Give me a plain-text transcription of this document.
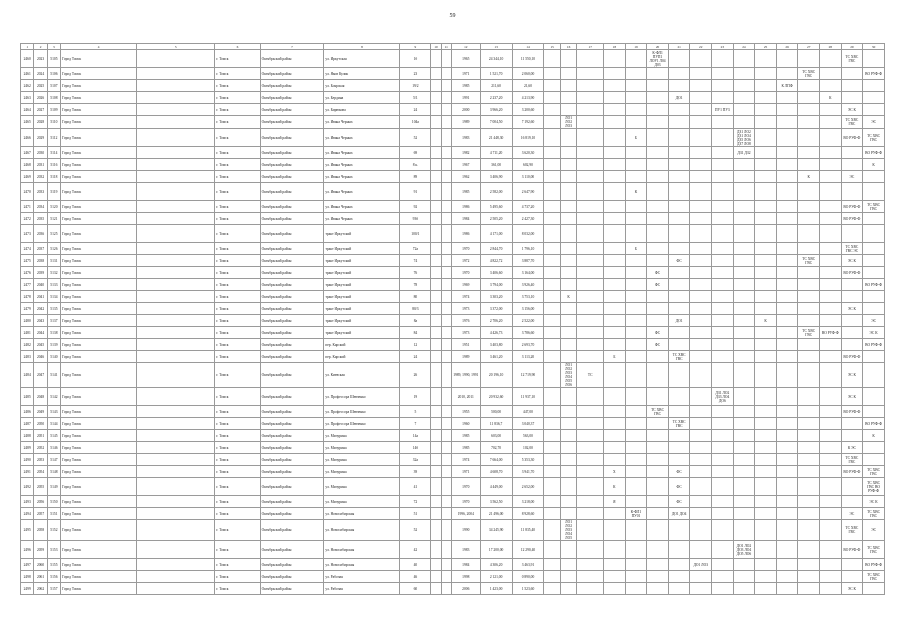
59
1	2	3	4	5	6	7	8	9	10	11	12	13	14	15	16	17	18	19	20	21	22	23	24	25	26	27	28	29	30
2460	2023	5105	Город Томск		г. Томск	Октябрьский район	ул. Иркутская	1б			1965	24 344,10	11 550,10						К-ФЛ1 ПУП1 ЛОУ1 Л04 Д03									ТС ХВС ГВС	
2461	2024	5106	Город Томск		г. Томск	Октябрьский район	ул. Яков Кулик	23			1971	1 521,70	2 060,00													ТС ХВС ГВС			ВО РУФ-Ф
2462	2025	5107	Город Томск		г. Томск	Октябрьский район	ул. Боярская	19/2			1985	211,60	21,60												К ЛПФ				
2463	2026	5108	Город Томск		г. Томск	Октябрьский район	ул. Бердина	5/1			1991	2 237,20	4 213,90							ДО1							К		
2464	2027	5109	Город Томск		г. Томск	Октябрьский район	ул. Бирюкова	24			2000	3 966,20	3 200,60									ПУ1 ПУ3						ЭС К	
2465	2028	5110	Город Томск		г. Томск	Октябрьский район	ул. Ивана Черных	104а			1989	7 004,50	7 192,60		ЛО1 ЛО2 ЛО3													ТС ХВС ГВС	ЭС
2466	2029	5112	Город Томск		г. Томск	Октябрьский район	ул. Ивана Черных	52			1983	21 448,30	16 819,10					Б					ДЗ1 ЛО2 ДЗ1 ЛО4 ДЗ5 ЛО6 ДЗ7 ЛО8					ВО РУФ-Ф	ТС ХВС ГВС
2467	2030	5114	Город Томск		г. Томск	Октябрьский район	ул. Ивана Черных	69			1982	4 711,20	3 620,30										ДЗ1 ДЗ2						ВО РУФ-Ф
2468	2031	5116	Город Томск		г. Томск	Октябрьский район	ул. Ивана Черных	8 к.			1967	361,00	602,90																К
2469	2032	5118	Город Томск		г. Томск	Октябрьский район	ул. Ивана Черных	89			1962	3 406,90	3 110,00													К		ЭС	
2470	2033	5119	Город Томск		г. Томск	Октябрьский район	ул. Ивана Черных	91			1985	2 582,00	2 647,90					К											
2471	2034	5120	Город Томск		г. Томск	Октябрьский район	ул. Ивана Черных	92			1986	5 495,60	4 737,20															ВО РУФ-Ф	ТС ХВС ГВС
2472	2035	5121	Город Томск		г. Томск	Октябрьский район	ул. Ивана Черных	93б			1984	2 505,20	2 427,30															ВО РУФ-Ф	
2473	2036	5125	Город Томск		г. Томск	Октябрьский район	тракт Иркутский	100/1			1986	4 171,00	8 032,00																
2474	2037	5126	Город Томск		г. Томск	Октябрьский район	тракт Иркутский	72а			1970	2 844,70	1 796,10					Б										ТС ХВС ГВС ЭС	
2475	2038	5131	Город Томск		г. Томск	Октябрьский район	тракт Иркутский	74			1972	4 822,72	3 887,70							ФС						ТС ХВС ГВС		ЭС К	
2476	2039	5132	Город Томск		г. Томск	Октябрьский район	тракт Иркутский	76			1970	3 406,60	3 164,00						ФС									ВО РУФ-Ф	
2477	2040	5133	Город Томск		г. Томск	Октябрьский район	тракт Иркутский	78			1969	3 794,00	3 926,40						ФС										ВО РУФ-Ф
2478	2041	5134	Город Томск		г. Томск	Октябрьский район	тракт Иркутский	80			1974	3 303,20	3 753,10		К														
2479	2042	5135	Город Томск		г. Томск	Октябрьский район	тракт Иркутский	80/3			1973	3 372,00	3 156,00															ЭС К	
2480	2043	5137	Город Томск		г. Томск	Октябрьский район	тракт Иркутский	8а			1976	2 706,20	2 522,00							ДО1				К					ЭС
2481	2044	5138	Город Томск		г. Томск	Октябрьский район	тракт Иркутский	84			1973	4 426,73	3 786,60						ФС							ТС ХВС ГВС	ВО РУФ-Ф		ЭС К
2482	2045	5139	Город Томск		г. Томск	Октябрьский район	пер. Карский	12			1951	3 403,80	2 693,70						ФС										ВО РУФ-Ф
2483	2046	5140	Город Томск		г. Томск	Октябрьский район	пер. Карский	24			1989	3 461,20	3 113,20				Б			ТС ХВС ГВС								ВО РУФ-Ф	
2484	2047	5141	Город Томск		г. Томск	Октябрьский район	ул. Киевская	26			1989, 1990, 1991	20 196,10	12 719,90		ЛО1 ЛО2 ЛО3 ЛО4 ЛО5 ЛО6	ТС												ЭС К	
2485	2048	5142	Город Томск		г. Томск	Октябрьский район	ул. Профессора Шевченко	19			2010, 2011	20 932,60	11 937,10									ДЗ1 ЛО2 ДЗ3 ЛО4 ДО6						ЭС К	
2486	2049	5143	Город Томск		г. Томск	Октябрьский район	ул. Профессора Шевченко	5			1955	500,00	447,00						ТС ХВС ГВС									ВО РУФ-Ф	
2487	2050	5144	Город Томск		г. Томск	Октябрьский район	ул. Профессора Шевченко	7			1960	11 836,7	3 040,37							ТС ХВС ГВС									ВО РУФ-Ф
2488	2051	5145	Город Томск		г. Томск	Октябрьский район	ул. Мичурина	14а			1985	603,00	563,00																К
2489	2052	5146	Город Томск		г. Томск	Октябрьский район	ул. Мичурина	14б			1985	702,70	102,00															К ЭС	
2490	2053	5147	Город Томск		г. Томск	Октябрьский район	ул. Мичурина	32а			1974	7 664,00	5 353,30															ТС ХВС ГВС	
2491	2054	5148	Город Томск		г. Томск	Октябрьский район	ул. Мичурина	39			1971	4 608,70	3 941,70				Х			ФС								ВО РУФ-Ф	ТС ХВС ГВС
2492	2055	5149	Город Томск		г. Томск	Октябрьский район	ул. Мичурина	41			1970	4 449,00	2 652,00				К			ФС									ТС ХВС ГВС ВО РУФ-Ф
2493	2056	5150	Город Томск		г. Томск	Октябрьский район	ул. Мичурина	72			1970	3 562,50	3 218,00				Я			ФС									ЭС К
2494	2057	5151	Город Томск		г. Томск	Октябрьский район	ул. Новосибирская	51			1996, 2004	21 496,00	8 928,60					К-ФЛ1 ПУ01		ДО1 ДО4								ЭС	ТС ХВС ГВС
2495	2058	5152	Город Томск		г. Томск	Октябрьский район	ул. Новосибирская	52			1990	34 245,90	11 835,40		ЛО1 ЛО2 ЛО3 ЛО4 ЛО5													ТС ХВС ГВС	ЭС
2496	2059	5153	Город Томск		г. Томск	Октябрьский район	ул. Новосибирская	42			1983	17 200,00	12 290,40										ДО1 ЛО2 ДО3 ЛО4 ДО5 ЛО6					ВО РУФ-Ф	ТС ХВС ГВС
2497	2060	5155	Город Томск		г. Томск	Октябрьский район	ул. Новосибирская	40			1984	4 306,20	3 463,91								ДО1 ЛО3								ВО РУФ-Ф
2498	2061	5156	Город Томск		г. Томск	Октябрьский район	ул. Рабочая	46			1998	2 121,00	0 890,00																ТС ХВС ГВС
2499	2062	5157	Город Томск		г. Томск	Октябрьский район	ул. Рабочая	60			2006	1 423,00	1 523,60															ЭС К	
